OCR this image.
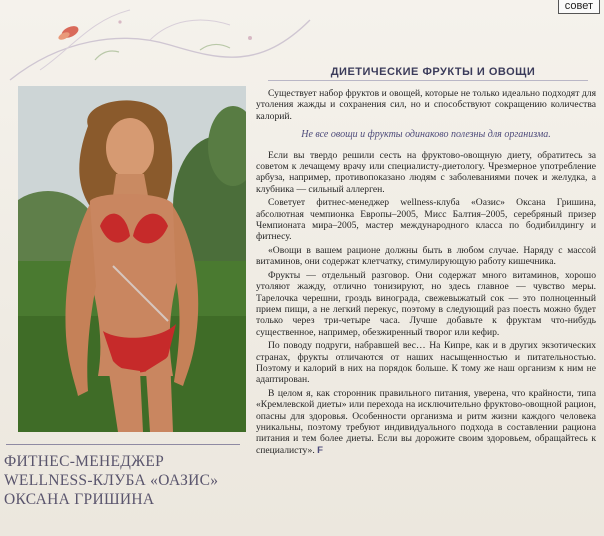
совет
ДИЕТИЧЕСКИЕ ФРУКТЫ И ОВОЩИ

Существует набор фруктов и овощей, которые не только идеально подходят для утоления жажды и сохранения сил, но и способствуют сокращению количества калорий.

Не все овощи и фрукты одинаково полезны для организма.

Если вы твердо решили сесть на фруктово-овощную диету, обратитесь за советом к лечащему врачу или специалисту-диетологу. Чрезмерное употребление арбуза, например, противопоказано людям с заболеваниями почек и желудка, а клубника — сильный аллерген.

Советует фитнес-менеджер wellness-клуба «Оазис» Оксана Гришина, абсолютная чемпионка Европы–2005, Мисс Балтия–2005, серебряный призер Чемпионата мира–2005, мастер международного класса по бодибилдингу и фитнесу.

«Овощи в вашем рационе должны быть в любом случае. Наряду с массой витаминов, они содержат клетчатку, стимулирующую работу кишечника.

Фрукты — отдельный разговор. Они содержат много витаминов, хорошо утоляют жажду, отлично тонизируют, но здесь главное — чувство меры. Тарелочка черешни, гроздь винограда, свежевыжатый сок — это полноценный прием пищи, а не легкий перекус, поэтому в следующий раз поесть можно будет только через три-четыре часа. Лучше добавьте к фруктам что-нибудь существенное, например, обезжиренный творог или кефир.

По поводу подруги, набравшей вес… На Кипре, как и в других экзотических странах, фрукты отличаются от наших насыщенностью и питательностью. Поэтому и калорий в них на порядок больше. К тому же наш организм к ним не адаптирован.

В целом я, как сторонник правильного питания, уверена, что крайности, типа «Кремлевской диеты» или перехода на исключительно фруктово-овощной рацион, опасны для здоровья. Особенности организма и ритм жизни каждого человека уникальны, поэтому требуют индивидуального подхода в составлении рациона питания и тем более диеты. Если вы дорожите своим здоровьем, обращайтесь к специалисту». F

ФИТНЕС-МЕНЕДЖЕР
WELLNESS-КЛУБА «ОАЗИС»
ОКСАНА ГРИШИНА
